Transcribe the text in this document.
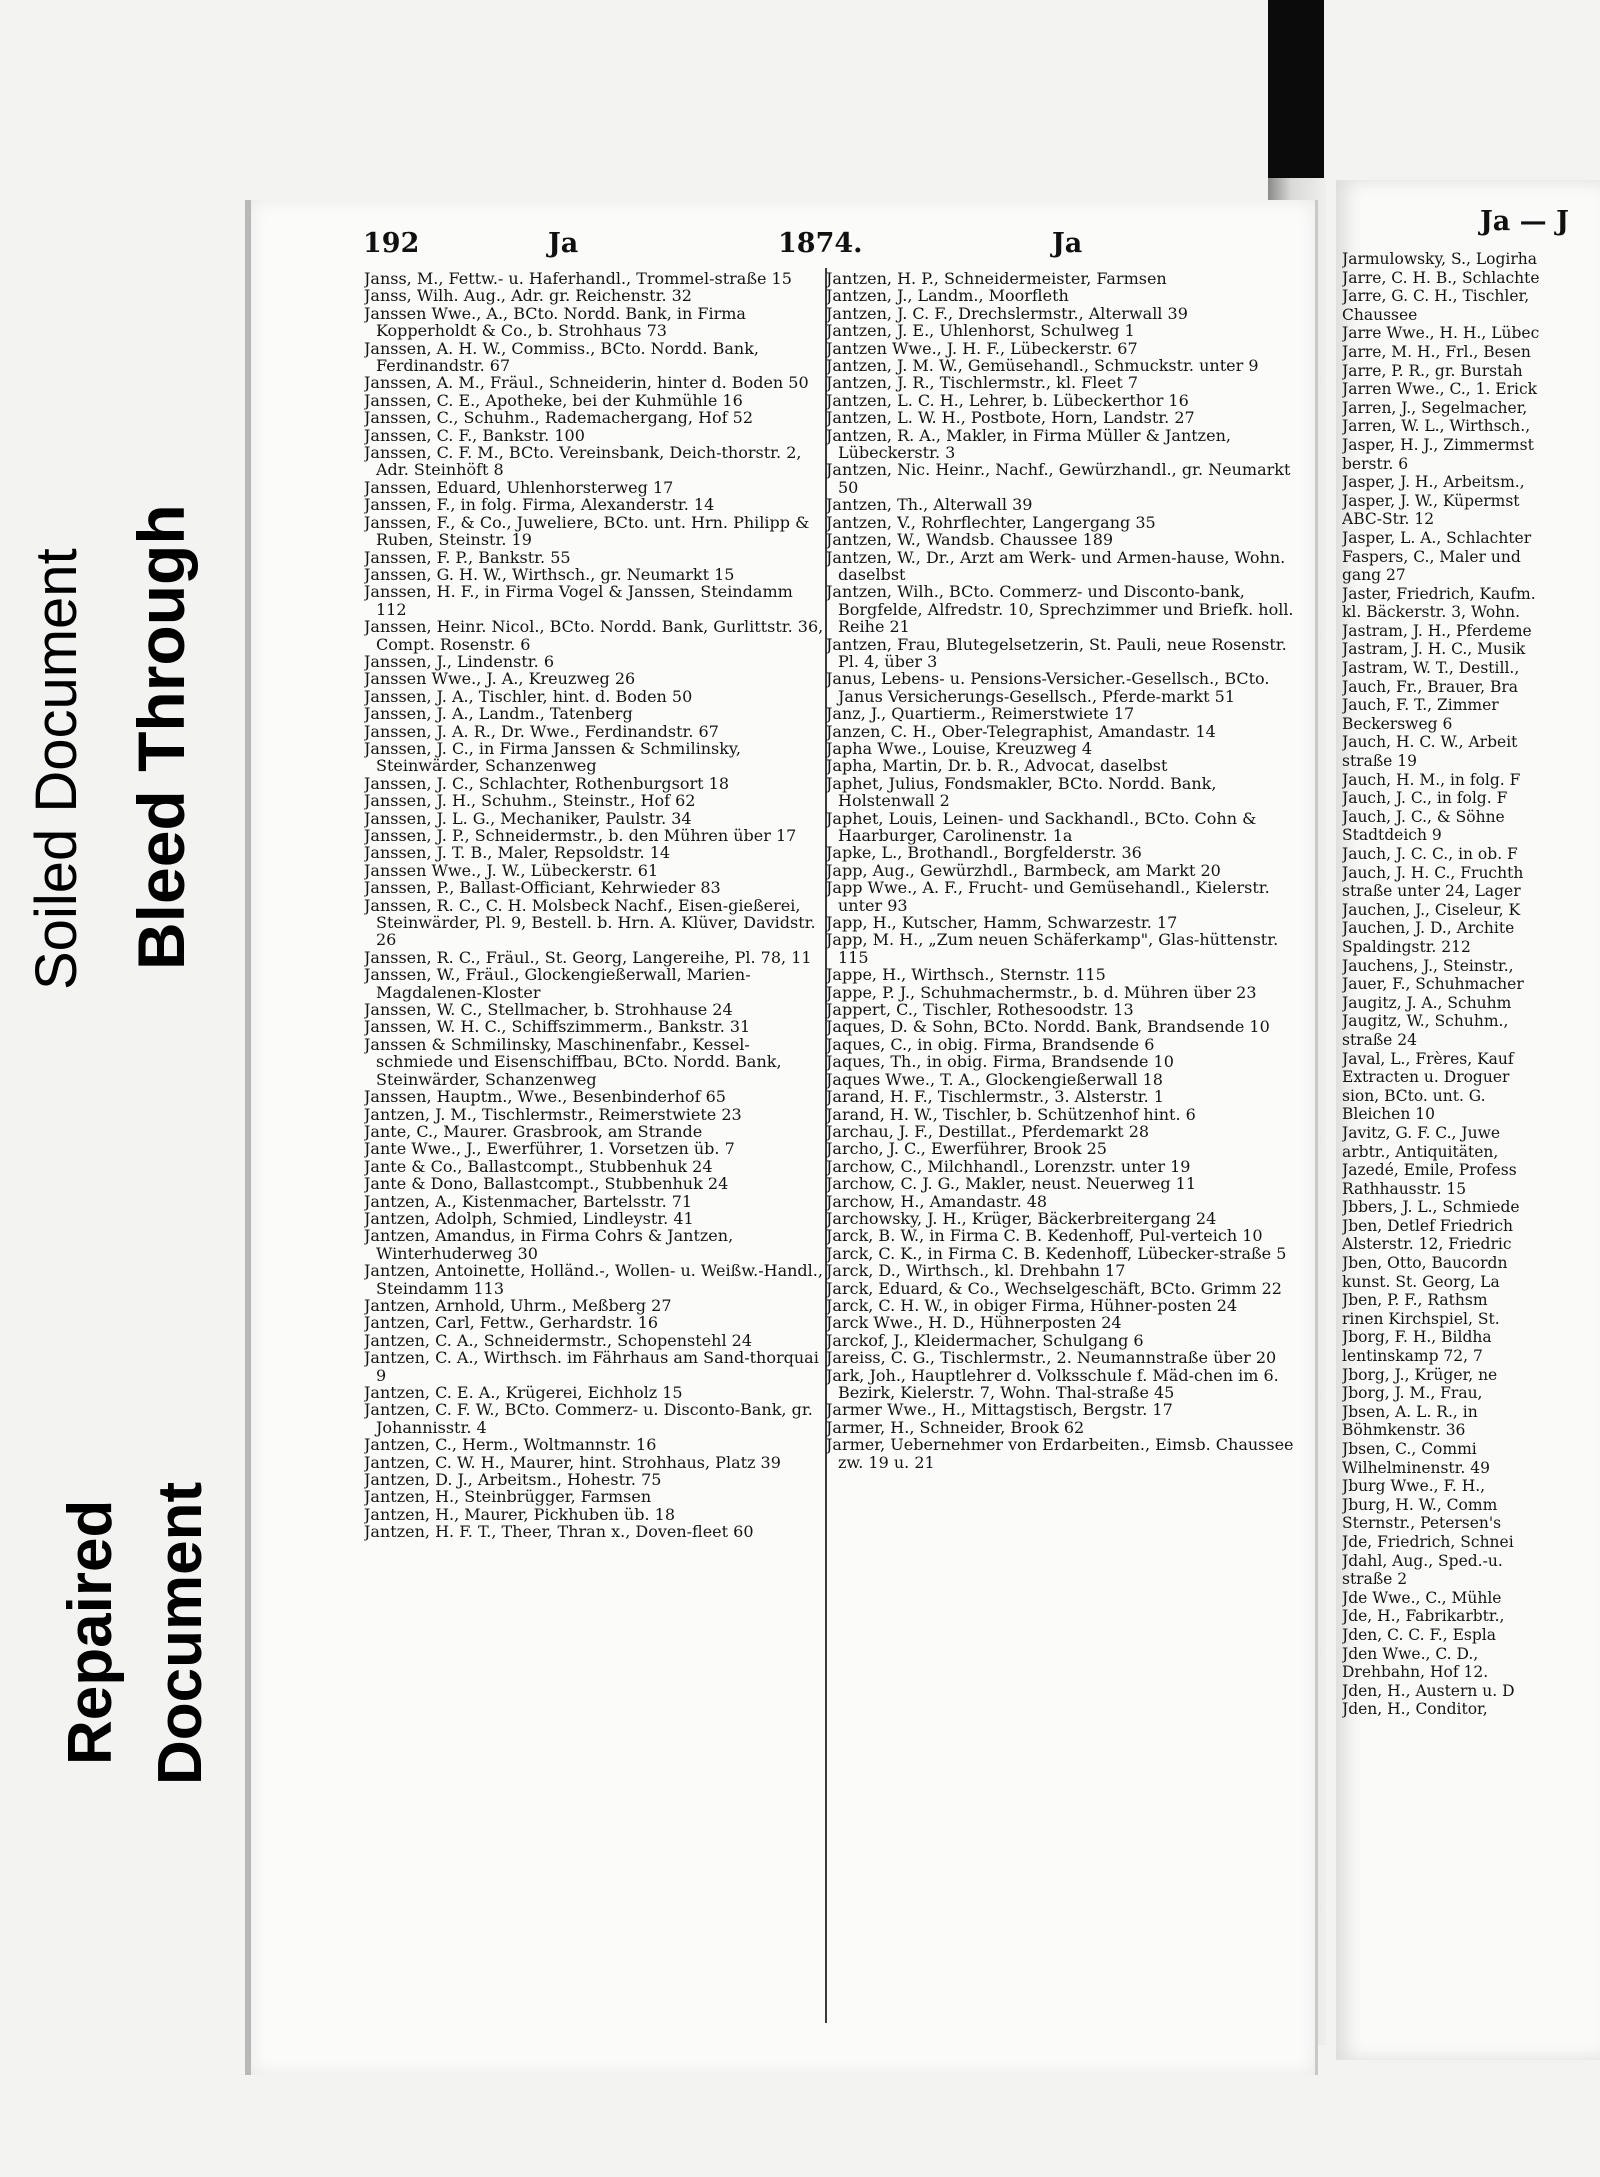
Soiled Document Bleed Through
Repaired Document
192	Ja	1874.	Ja
Ja — J
Janss, M., Fettw.- u. Haferhandl., Trommel-straße 15
Janss, Wilh. Aug., Adr. gr. Reichenstr. 32
Janssen Wwe., A., BCto. Nordd. Bank, in Firma Kopperholdt & Co., b. Strohhaus 73
Janssen, A. H. W., Commiss., BCto. Nordd. Bank, Ferdinandstr. 67
Janssen, A. M., Fräul., Schneiderin, hinter d. Boden 50
Janssen, C. E., Apotheke, bei der Kuhmühle 16
Janssen, C., Schuhm., Rademachergang, Hof 52
Janssen, C. F., Bankstr. 100
Janssen, C. F. M., BCto. Vereinsbank, Deich-thorstr. 2, Adr. Steinhöft 8
Janssen, Eduard, Uhlenhorsterweg 17
Janssen, F., in folg. Firma, Alexanderstr. 14
Janssen, F., & Co., Juweliere, BCto. unt. Hrn. Philipp & Ruben, Steinstr. 19
Janssen, F. P., Bankstr. 55
Janssen, G. H. W., Wirthsch., gr. Neumarkt 15
Janssen, H. F., in Firma Vogel & Janssen, Steindamm 112
Janssen, Heinr. Nicol., BCto. Nordd. Bank, Gurlittstr. 36, Compt. Rosenstr. 6
Janssen, J., Lindenstr. 6
Janssen Wwe., J. A., Kreuzweg 26
Janssen, J. A., Tischler, hint. d. Boden 50
Janssen, J. A., Landm., Tatenberg
Janssen, J. A. R., Dr. Wwe., Ferdinandstr. 67
Janssen, J. C., in Firma Janssen & Schmilinsky, Steinwärder, Schanzenweg
Janssen, J. C., Schlachter, Rothenburgsort 18
Janssen, J. H., Schuhm., Steinstr., Hof 62
Janssen, J. L. G., Mechaniker, Paulstr. 34
Janssen, J. P., Schneidermstr., b. den Mühren über 17
Janssen, J. T. B., Maler, Repsoldstr. 14
Janssen Wwe., J. W., Lübeckerstr. 61
Janssen, P., Ballast-Officiant, Kehrwieder 83
Janssen, R. C., C. H. Molsbeck Nachf., Eisen-gießerei, Steinwärder, Pl. 9, Bestell. b. Hrn. A. Klüver, Davidstr. 26
Janssen, R. C., Fräul., St. Georg, Langereihe, Pl. 78, 11
Janssen, W., Fräul., Glockengießerwall, Marien-Magdalenen-Kloster
Janssen, W. C., Stellmacher, b. Strohhause 24
Janssen, W. H. C., Schiffszimmerm., Bankstr. 31
Janssen & Schmilinsky, Maschinenfabr., Kessel-schmiede und Eisenschiffbau, BCto. Nordd. Bank, Steinwärder, Schanzenweg
Janssen, Hauptm., Wwe., Besenbinderhof 65
Jantzen, J. M., Tischlermstr., Reimerstwiete 23
Jante, C., Maurer. Grasbrook, am Strande
Jante Wwe., J., Ewerführer, 1. Vorsetzen üb. 7
Jante & Co., Ballastcompt., Stubbenhuk 24
Jante & Dono, Ballastcompt., Stubbenhuk 24
Jantzen, A., Kistenmacher, Bartelsstr. 71
Jantzen, Adolph, Schmied, Lindleystr. 41
Jantzen, Amandus, in Firma Cohrs & Jantzen, Winterhuderweg 30
Jantzen, Antoinette, Holländ.-, Wollen- u. Weißw.-Handl., Steindamm 113
Jantzen, Arnhold, Uhrm., Meßberg 27
Jantzen, Carl, Fettw., Gerhardstr. 16
Jantzen, C. A., Schneidermstr., Schopenstehl 24
Jantzen, C. A., Wirthsch. im Fährhaus am Sand-thorquai 9
Jantzen, C. E. A., Krügerei, Eichholz 15
Jantzen, C. F. W., BCto. Commerz- u. Disconto-Bank, gr. Johannisstr. 4
Jantzen, C., Herm., Woltmannstr. 16
Jantzen, C. W. H., Maurer, hint. Strohhaus, Platz 39
Jantzen, D. J., Arbeitsm., Hohestr. 75
Jantzen, H., Steinbrügger, Farmsen
Jantzen, H., Maurer, Pickhuben üb. 18
Jantzen, H. F. T., Theer, Thran x., Doven-fleet 60
Jantzen, H. P., Schneidermeister, Farmsen
Jantzen, J., Landm., Moorfleth
Jantzen, J. C. F., Drechslermstr., Alterwall 39
Jantzen, J. E., Uhlenhorst, Schulweg 1
Jantzen Wwe., J. H. F., Lübeckerstr. 67
Jantzen, J. M. W., Gemüsehandl., Schmuckstr. unter 9
Jantzen, J. R., Tischlermstr., kl. Fleet 7
Jantzen, L. C. H., Lehrer, b. Lübeckerthor 16
Jantzen, L. W. H., Postbote, Horn, Landstr. 27
Jantzen, R. A., Makler, in Firma Müller & Jantzen, Lübeckerstr. 3
Jantzen, Nic. Heinr., Nachf., Gewürzhandl., gr. Neumarkt 50
Jantzen, Th., Alterwall 39
Jantzen, V., Rohrflechter, Langergang 35
Jantzen, W., Wandsb. Chaussee 189
Jantzen, W., Dr., Arzt am Werk- und Armen-hause, Wohn. daselbst
Jantzen, Wilh., BCto. Commerz- und Disconto-bank, Borgfelde, Alfredstr. 10, Sprechzimmer und Briefk. holl. Reihe 21
Jantzen, Frau, Blutegelsetzerin, St. Pauli, neue Rosenstr. Pl. 4, über 3
Janus, Lebens- u. Pensions-Versicher.-Gesellsch., BCto. Janus Versicherungs-Gesellsch., Pferde-markt 51
Janz, J., Quartierm., Reimerstwiete 17
Janzen, C. H., Ober-Telegraphist, Amandastr. 14
Japha Wwe., Louise, Kreuzweg 4
Japha, Martin, Dr. b. R., Advocat, daselbst
Japhet, Julius, Fondsmakler, BCto. Nordd. Bank, Holstenwall 2
Japhet, Louis, Leinen- und Sackhandl., BCto. Cohn & Haarburger, Carolinenstr. 1a
Japke, L., Brothandl., Borgfelderstr. 36
Japp, Aug., Gewürzhdl., Barmbeck, am Markt 20
Japp Wwe., A. F., Frucht- und Gemüsehandl., Kielerstr. unter 93
Japp, H., Kutscher, Hamm, Schwarzestr. 17
Japp, M. H., „Zum neuen Schäferkamp", Glas-hüttenstr. 115
Jappe, H., Wirthsch., Sternstr. 115
Jappe, P. J., Schuhmachermstr., b. d. Mühren über 23
Jappert, C., Tischler, Rothesoodstr. 13
Jaques, D. & Sohn, BCto. Nordd. Bank, Brandsende 10
Jaques, C., in obig. Firma, Brandsende 6
Jaques, Th., in obig. Firma, Brandsende 10
Jaques Wwe., T. A., Glockengießerwall 18
Jarand, H. F., Tischlermstr., 3. Alsterstr. 1
Jarand, H. W., Tischler, b. Schützenhof hint. 6
Jarchau, J. F., Destillat., Pferdemarkt 28
Jarcho, J. C., Ewerführer, Brook 25
Jarchow, C., Milchhandl., Lorenzstr. unter 19
Jarchow, C. J. G., Makler, neust. Neuerweg 11
Jarchow, H., Amandastr. 48
Jarchowsky, J. H., Krüger, Bäckerbreitergang 24
Jarck, B. W., in Firma C. B. Kedenhoff, Pul-verteich 10
Jarck, C. K., in Firma C. B. Kedenhoff, Lübecker-straße 5
Jarck, D., Wirthsch., kl. Drehbahn 17
Jarck, Eduard, & Co., Wechselgeschäft, BCto. Grimm 22
Jarck, C. H. W., in obiger Firma, Hühner-posten 24
Jarck Wwe., H. D., Hühnerposten 24
Jarckof, J., Kleidermacher, Schulgang 6
Jareiss, C. G., Tischlermstr., 2. Neumannstraße über 20
Jark, Joh., Hauptlehrer d. Volksschule f. Mäd-chen im 6. Bezirk, Kielerstr. 7, Wohn. Thal-straße 45
Jarmer Wwe., H., Mittagstisch, Bergstr. 17
Jarmer, H., Schneider, Brook 62
Jarmer, Uebernehmer von Erdarbeiten., Eimsb. Chaussee zw. 19 u. 21
Jarmulowsky, S., Logirha
Jarre, C. H. B., Schlachte
Jarre, G. C. H., Tischler,
Chaussee
Jarre Wwe., H. H., Lübec
Jarre, M. H., Frl., Besen
Jarre, P. R., gr. Burstah
Jarren Wwe., C., 1. Erick
Jarren, J., Segelmacher,
Jarren, W. L., Wirthsch.,
Jasper, H. J., Zimmermst
berstr. 6
Jasper, J. H., Arbeitsm.,
Jasper, J. W., Küpermst
ABC-Str. 12
Jasper, L. A., Schlachter
Faspers, C., Maler und
gang 27
Jaster, Friedrich, Kaufm.
kl. Bäckerstr. 3, Wohn.
Jastram, J. H., Pferdeme
Jastram, J. H. C., Musik
Jastram, W. T., Destill.,
Jauch, Fr., Brauer, Bra
Jauch, F. T., Zimmer
Beckersweg 6
Jauch, H. C. W., Arbeit
straße 19
Jauch, H. M., in folg. F
Jauch, J. C., in folg. F
Jauch, J. C., & Söhne
Stadtdeich 9
Jauch, J. C. C., in ob. F
Jauch, J. H. C., Fruchth
straße unter 24, Lager
Jauchen, J., Ciseleur, K
Jauchen, J. D., Archite
Spaldingstr. 212
Jauchens, J., Steinstr.,
Jauer, F., Schuhmacher
Jaugitz, J. A., Schuhm
Jaugitz, W., Schuhm.,
straße 24
Javal, L., Frères, Kauf
Extracten u. Droguer
sion, BCto. unt. G.
Bleichen 10
Javitz, G. F. C., Juwe
arbtr., Antiquitäten,
Jazedé, Emile, Profess
Rathhausstr. 15
Jbbers, J. L., Schmiede
Jben, Detlef Friedrich
Alsterstr. 12, Friedric
Jben, Otto, Baucordn
kunst. St. Georg, La
Jben, P. F., Rathsm
rinen Kirchspiel, St.
Jborg, F. H., Bildha
lentinskamp 72, 7
Jborg, J., Krüger, ne
Jborg, J. M., Frau,
Jbsen, A. L. R., in
Böhmkenstr. 36
Jbsen, C., Commi
Wilhelminenstr. 49
Jburg Wwe., F. H.,
Jburg, H. W., Comm
Sternstr., Petersen's
Jde, Friedrich, Schnei
Jdahl, Aug., Sped.-u.
straße 2
Jde Wwe., C., Mühle
Jde, H., Fabrikarbtr.,
Jden, C. C. F., Espla
Jden Wwe., C. D.,
Drehbahn, Hof 12.
Jden, H., Austern u. D
Jden, H., Conditor,
